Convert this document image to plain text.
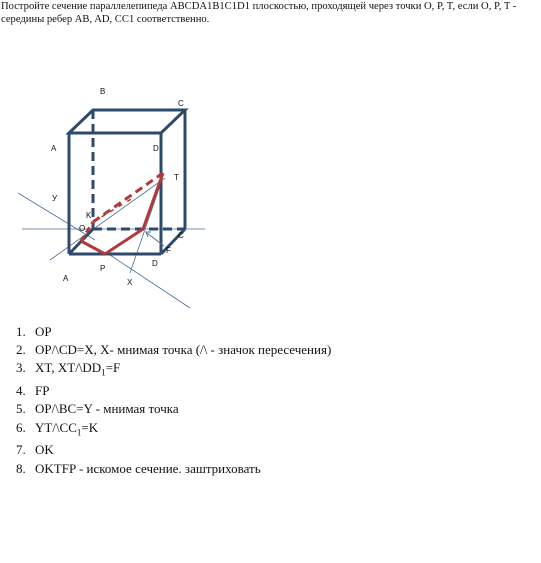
Постройте сечение параллелепипеда ABCDA1B1C1D1 плоскостью, проходящей через точки O, P, T, если O, P, T - середины ребер AB, AD, CC1 соответственно.

B
C
A	D
T
У
K
O
C
F
P
D
A	X
1. OP
2. OP/\CD=X, X- мнимая точка (/\ - значок пересечения)
3. XT, $XT/\backslash DD_1=F$
4. FP
5. OP/\BC=Y - мнимая точка
6. $YT/\backslash CC_1=K$
7. OK
8. OKTFP - искомое сечение. заштриховать
